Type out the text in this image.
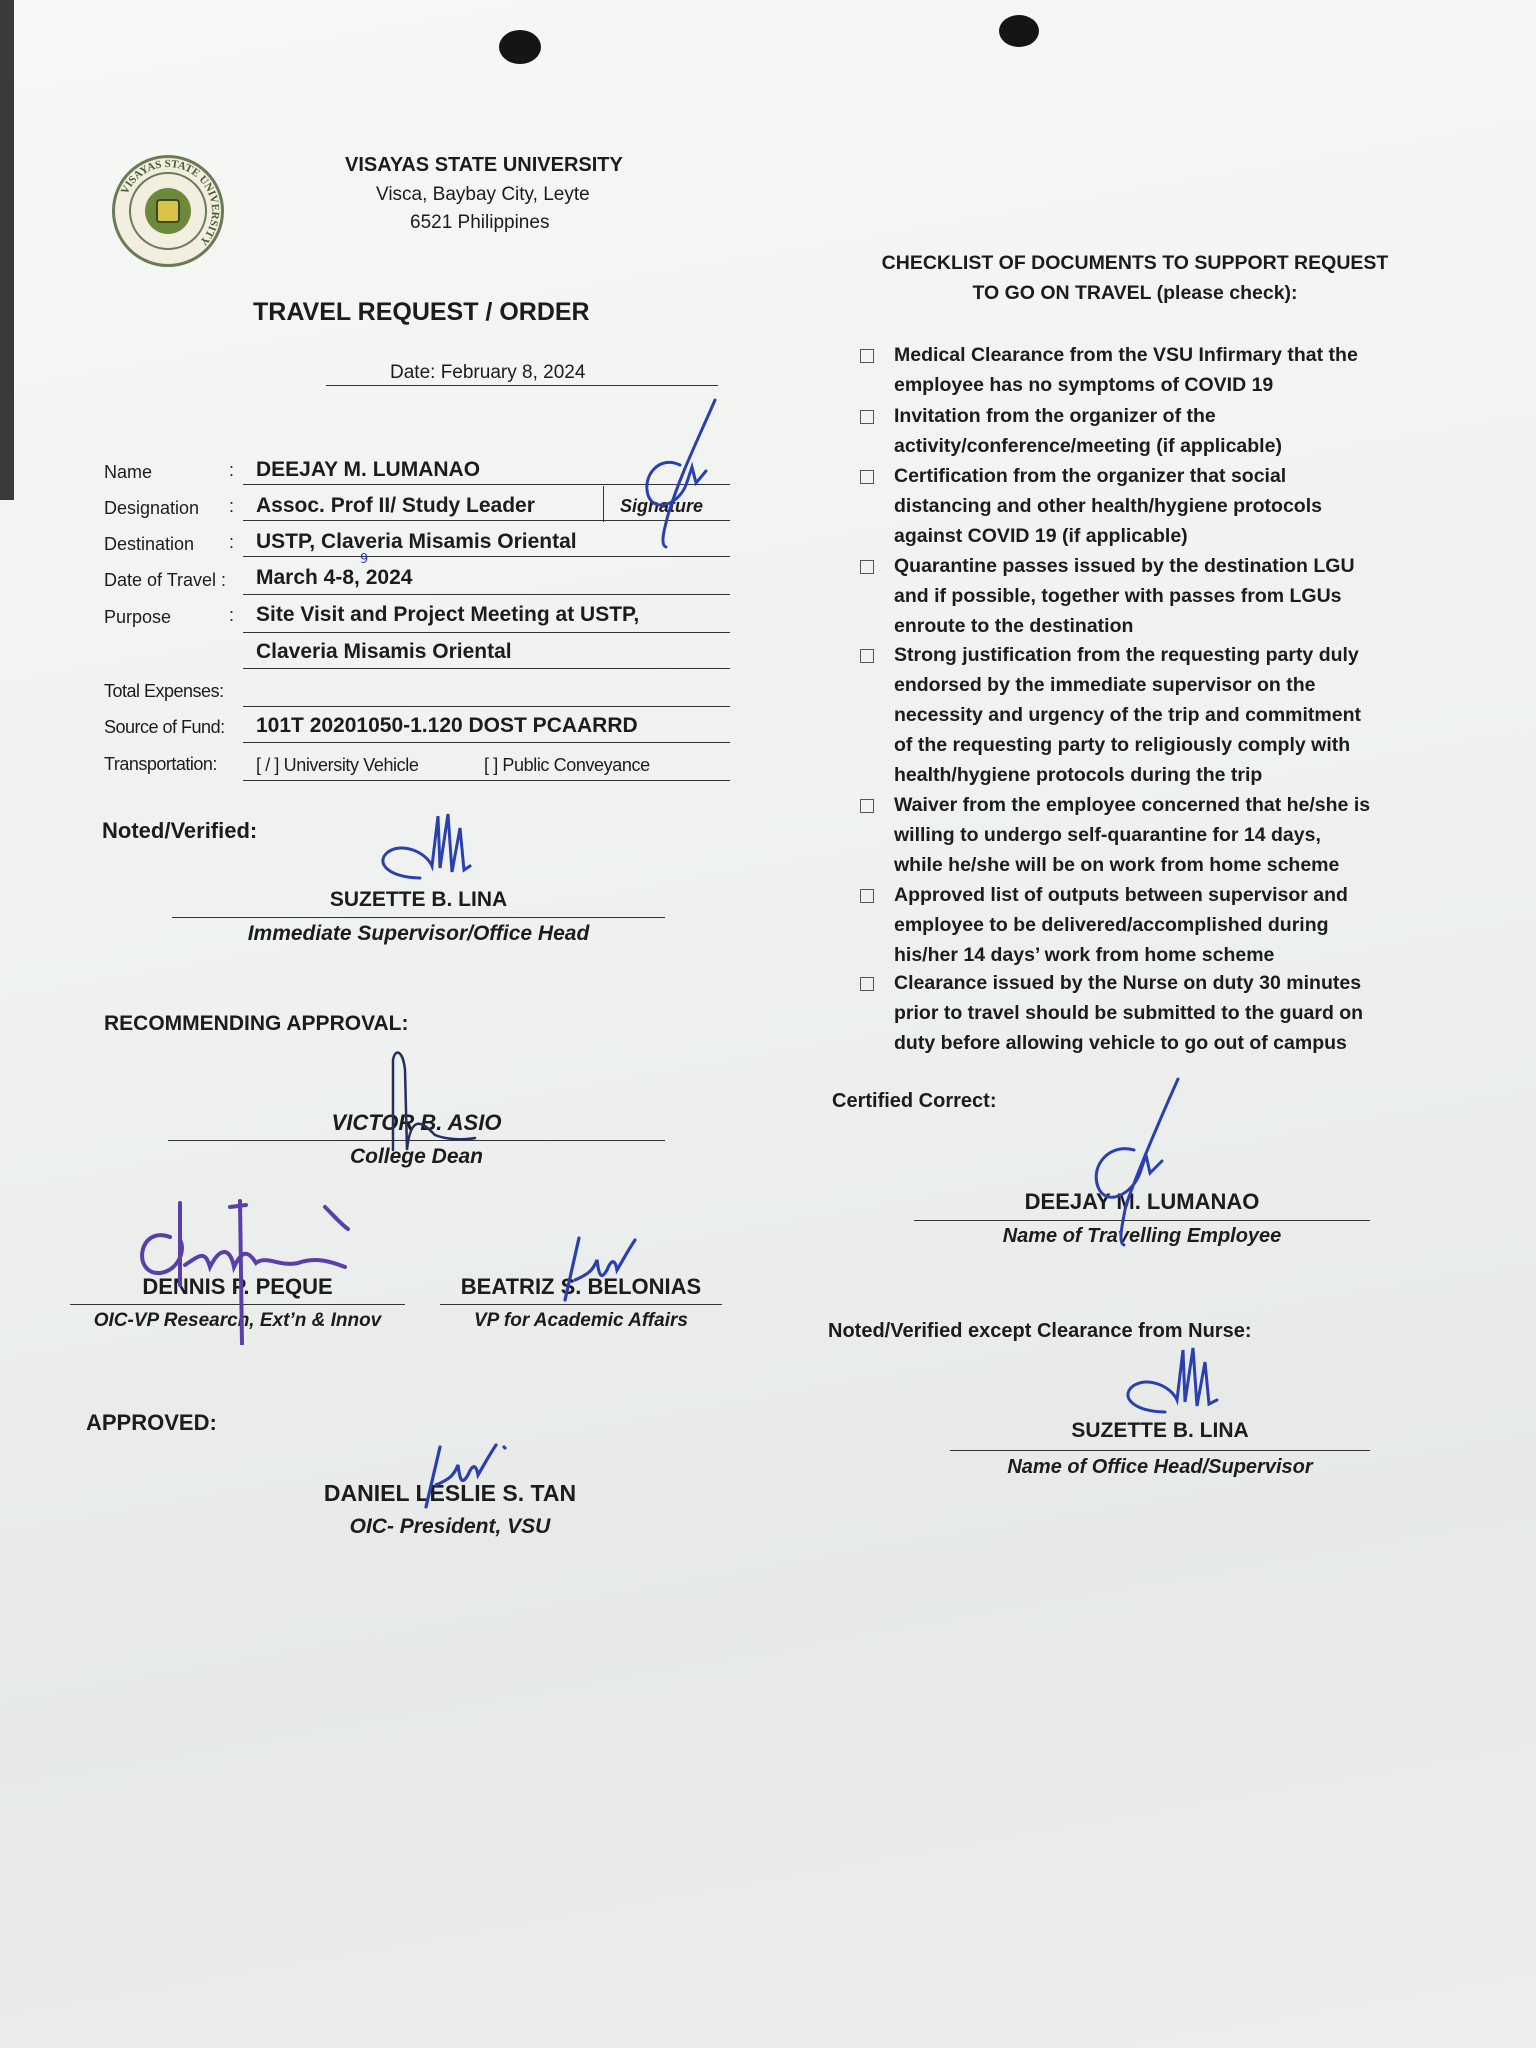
VISAYAS STATE UNIVERSITY
VISAYAS STATE UNIVERSITY
Visca, Baybay City, Leyte
6521 Philippines
TRAVEL REQUEST / ORDER
Date: February 8, 2024
Name	: DEEJAY M. LUMANAO
Designation : Assoc. Prof II/ Study Leader	Signature
Destination : USTP, Claveria Misamis Oriental
Date of Travel : March 4-8, 2024
9
Purpose	: Site Visit and Project Meeting at USTP,
Claveria Misamis Oriental
Total Expenses:
Source of Fund: 101T 20201050-1.120 DOST PCAARRD
Transportation: [ / ] University Vehicle	[ ] Public Conveyance
Noted/Verified:
SUZETTE B. LINA
Immediate Supervisor/Office Head
RECOMMENDING APPROVAL:
VICTOR B. ASIO
College Dean
DENNIS P. PEQUE
OIC-VP Research, Ext’n & Innov
BEATRIZ S. BELONIAS
VP for Academic Affairs
APPROVED:
DANIEL LESLIE S. TAN
OIC- President, VSU
CHECKLIST OF DOCUMENTS TO SUPPORT REQUEST
TO GO ON TRAVEL (please check):
Medical Clearance from the VSU Infirmary that the
employee has no symptoms of COVID 19
Invitation from the organizer of the
activity/conference/meeting (if applicable)
Certification from the organizer that social
distancing and other health/hygiene protocols
against COVID 19 (if applicable)
Quarantine passes issued by the destination LGU
and if possible, together with passes from LGUs
enroute to the destination
Strong justification from the requesting party duly
endorsed by the immediate supervisor on the
necessity and urgency of the trip and commitment
of the requesting party to religiously comply with
health/hygiene protocols during the trip
Waiver from the employee concerned that he/she is
willing to undergo self-quarantine for 14 days,
while he/she will be on work from home scheme
Approved list of outputs between supervisor and
employee to be delivered/accomplished during
his/her 14 days’ work from home scheme
Clearance issued by the Nurse on duty 30 minutes
prior to travel should be submitted to the guard on
duty before allowing vehicle to go out of campus
Certified Correct:
DEEJAY M. LUMANAO
Name of Travelling Employee
Noted/Verified except Clearance from Nurse:
SUZETTE B. LINA
Name of Office Head/Supervisor
